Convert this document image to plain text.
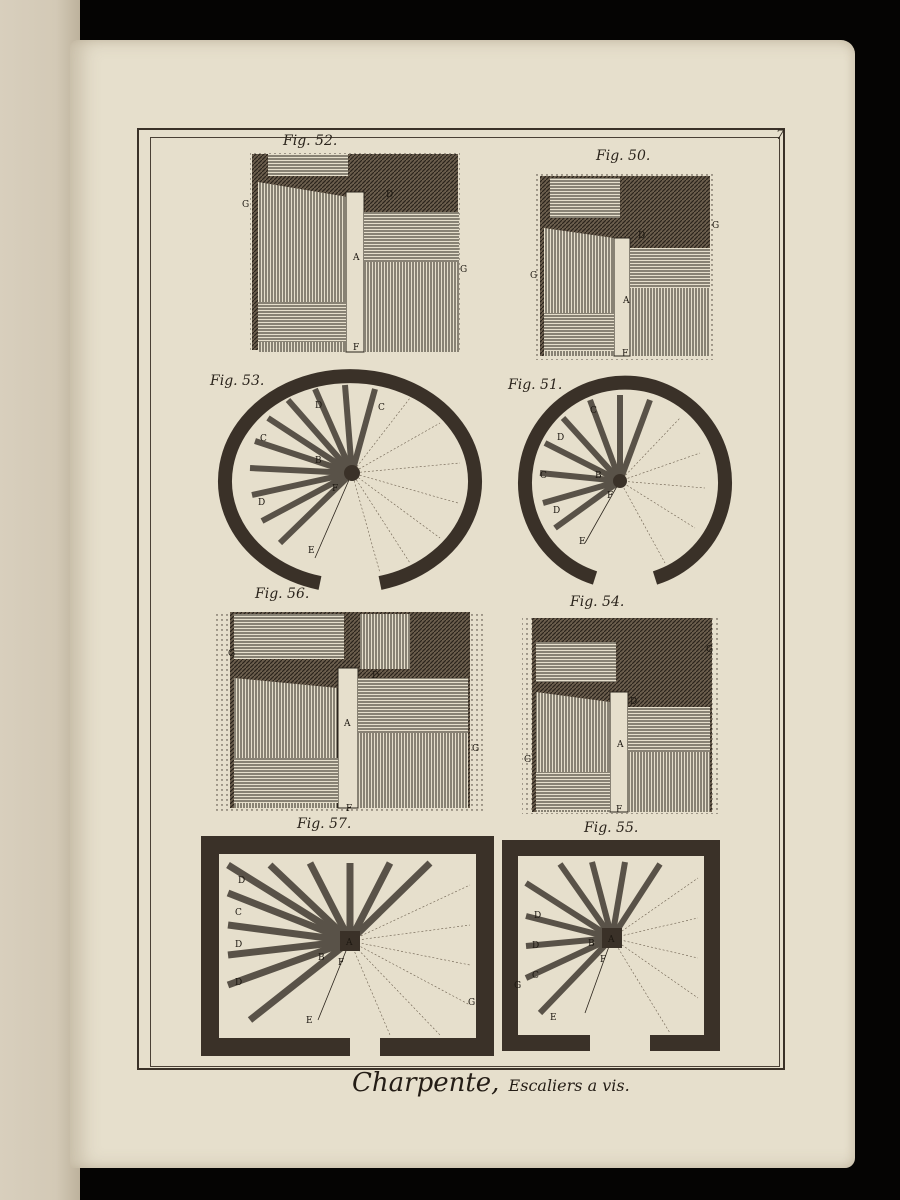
7
Fig. 52.
Fig. 50.
Fig. 53.	Fig. 51.
Fig. 56.	Fig. 54.
Fig. 57.	Fig. 55.
G
A
D
G
F
G
A
D
G
F
D	C
C
B
D
F
E
C
D
C	B
D
F
E
G
A
D
G
F
G
A
D
G
F
A
D
C
D
D
B F
E
G
A
D
D
C
B
F
E
G
Charpente, Escaliers a vis.
